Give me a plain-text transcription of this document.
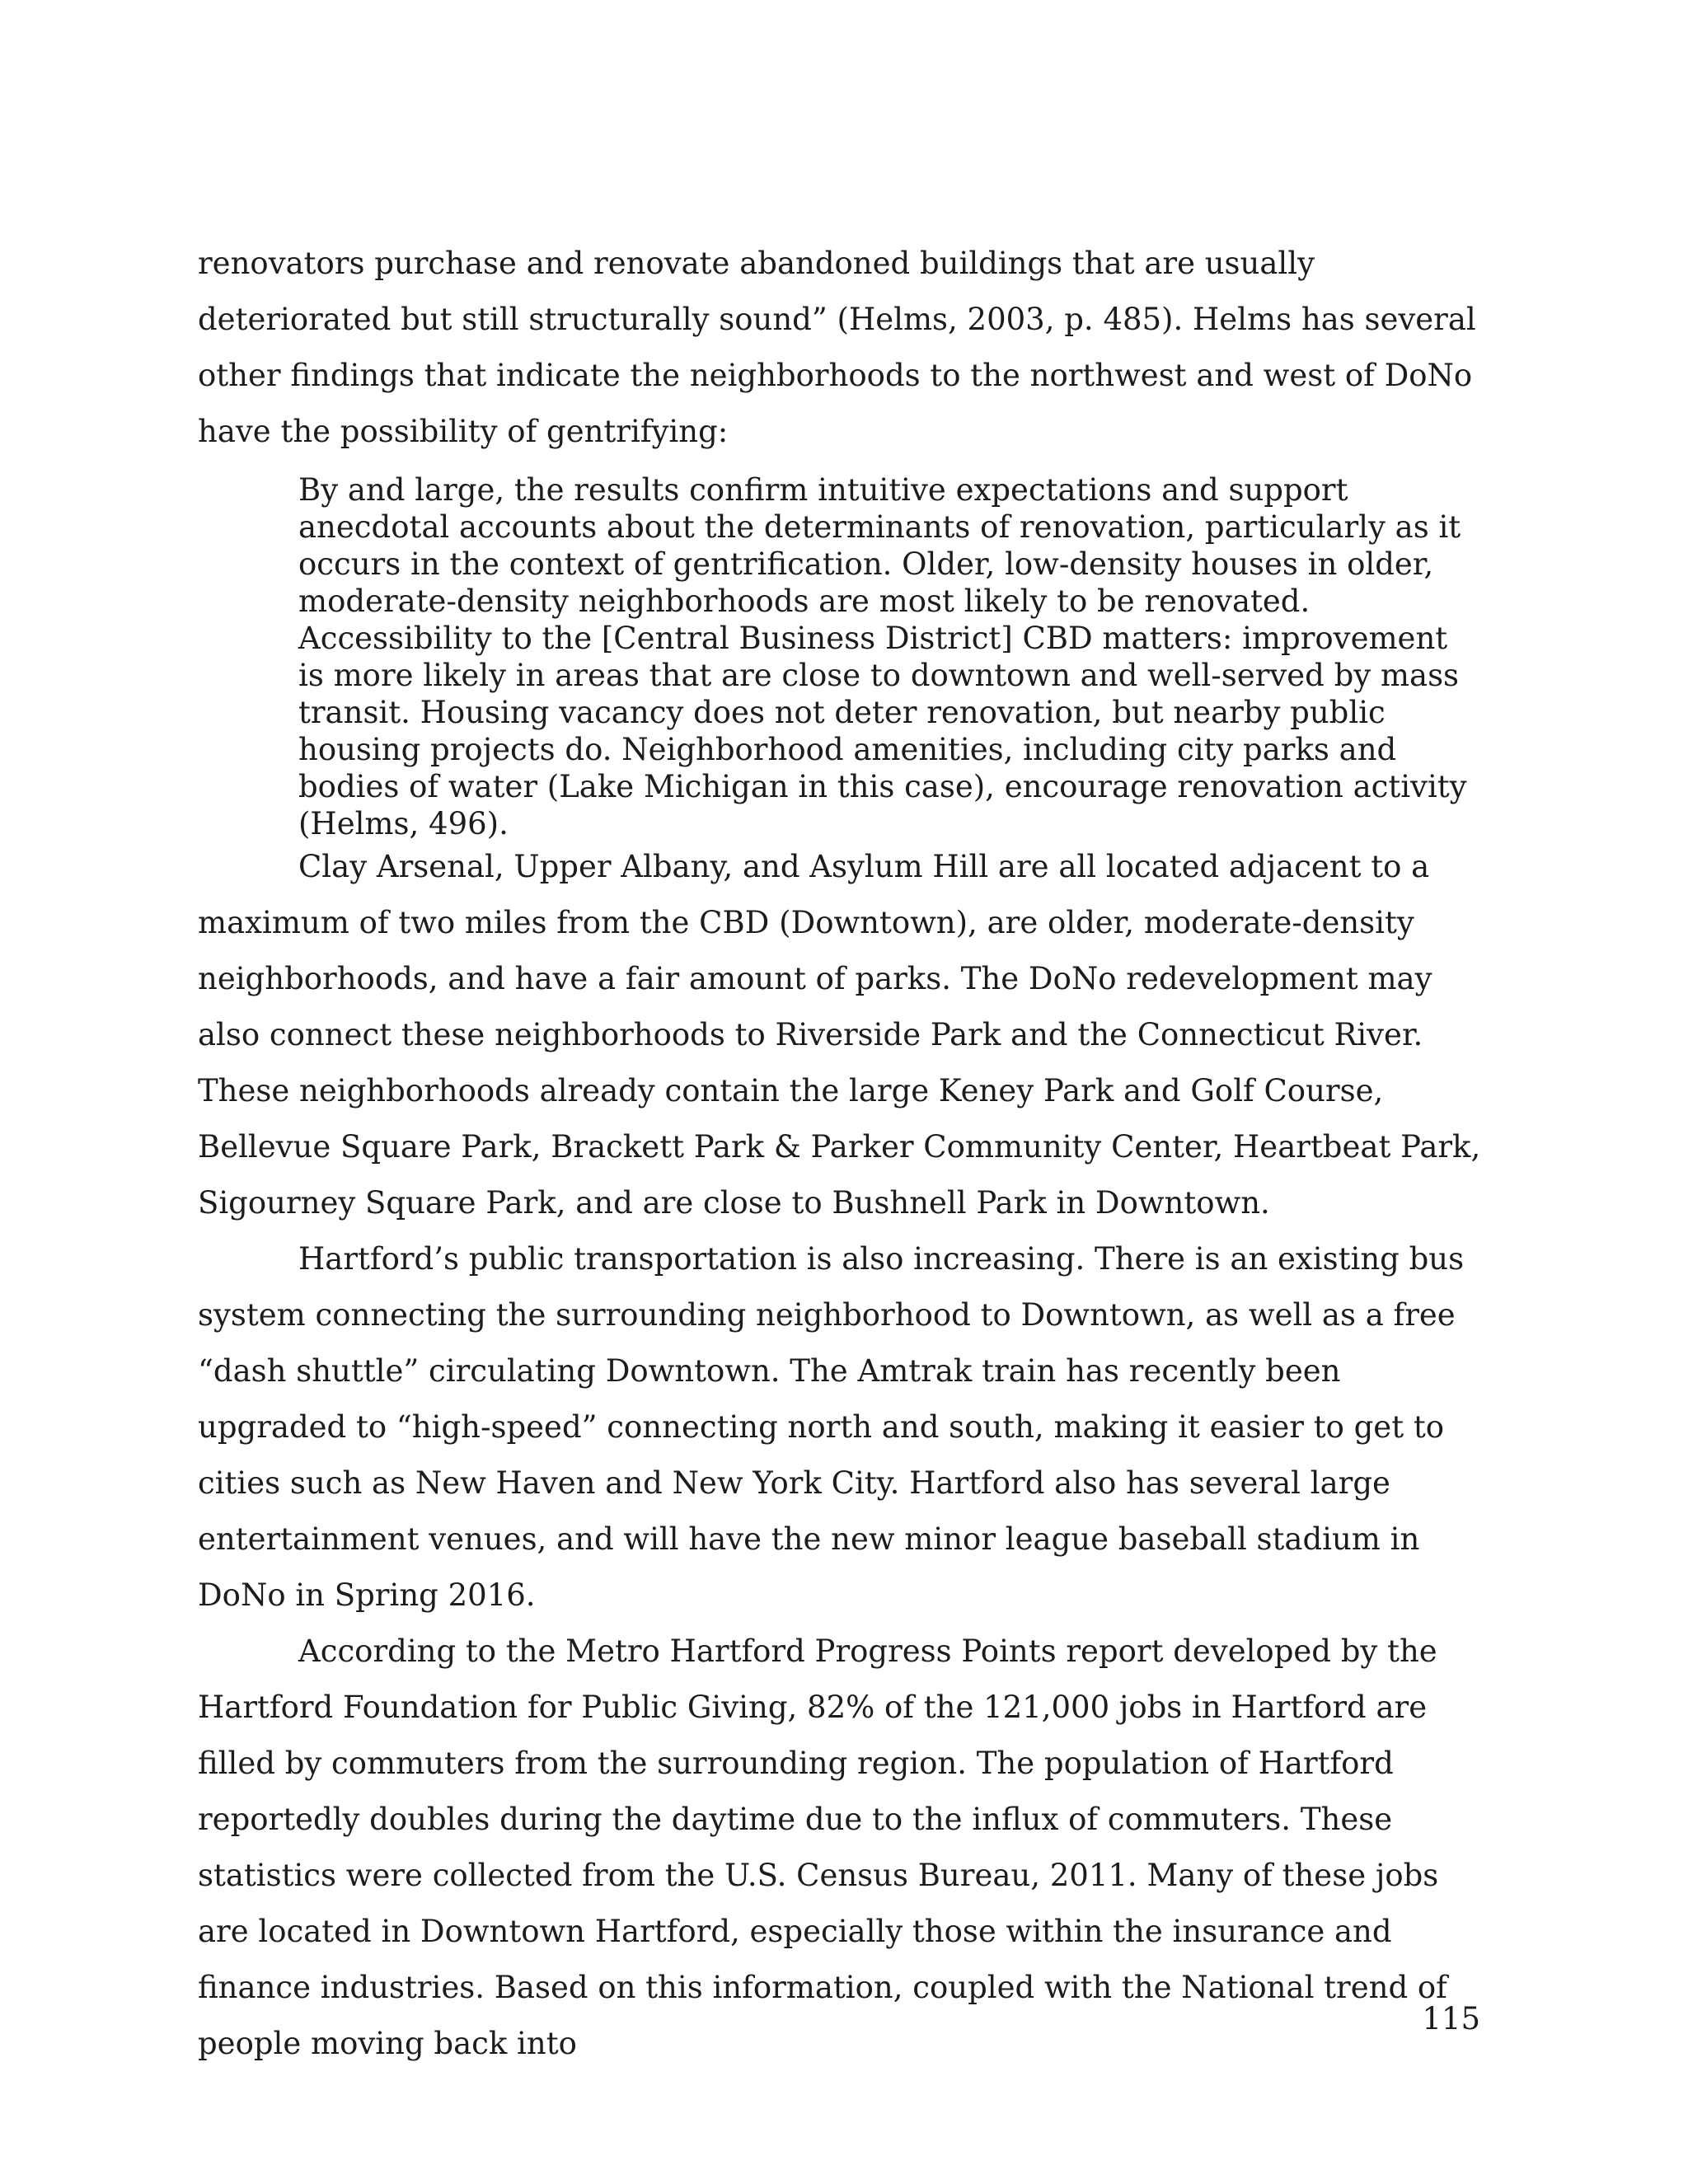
renovators purchase and renovate abandoned buildings that are usually deteriorated but still structurally sound” (Helms, 2003, p. 485). Helms has several other findings that indicate the neighborhoods to the northwest and west of DoNo have the possibility of gentrifying:

By and large, the results confirm intuitive expectations and support anecdotal accounts about the determinants of renovation, particularly as it occurs in the context of gentrification. Older, low-density houses in older, moderate-density neighborhoods are most likely to be renovated. Accessibility to the [Central Business District] CBD matters: improvement is more likely in areas that are close to downtown and well-served by mass transit. Housing vacancy does not deter renovation, but nearby public housing projects do. Neighborhood amenities, including city parks and bodies of water (Lake Michigan in this case), encourage renovation activity (Helms, 496).

Clay Arsenal, Upper Albany, and Asylum Hill are all located adjacent to a maximum of two miles from the CBD (Downtown), are older, moderate-density neighborhoods, and have a fair amount of parks. The DoNo redevelopment may also connect these neighborhoods to Riverside Park and the Connecticut River. These neighborhoods already contain the large Keney Park and Golf Course, Bellevue Square Park, Brackett Park & Parker Community Center, Heartbeat Park, Sigourney Square Park, and are close to Bushnell Park in Downtown.

Hartford’s public transportation is also increasing. There is an existing bus system connecting the surrounding neighborhood to Downtown, as well as a free “dash shuttle” circulating Downtown. The Amtrak train has recently been upgraded to “high-speed” connecting north and south, making it easier to get to cities such as New Haven and New York City. Hartford also has several large entertainment venues, and will have the new minor league baseball stadium in DoNo in Spring 2016.

According to the Metro Hartford Progress Points report developed by the Hartford Foundation for Public Giving, 82% of the 121,000 jobs in Hartford are filled by commuters from the surrounding region. The population of Hartford reportedly doubles during the daytime due to the influx of commuters. These statistics were collected from the U.S. Census Bureau, 2011. Many of these jobs are located in Downtown Hartford, especially those within the insurance and finance industries. Based on this information, coupled with the National trend of people moving back into

115
